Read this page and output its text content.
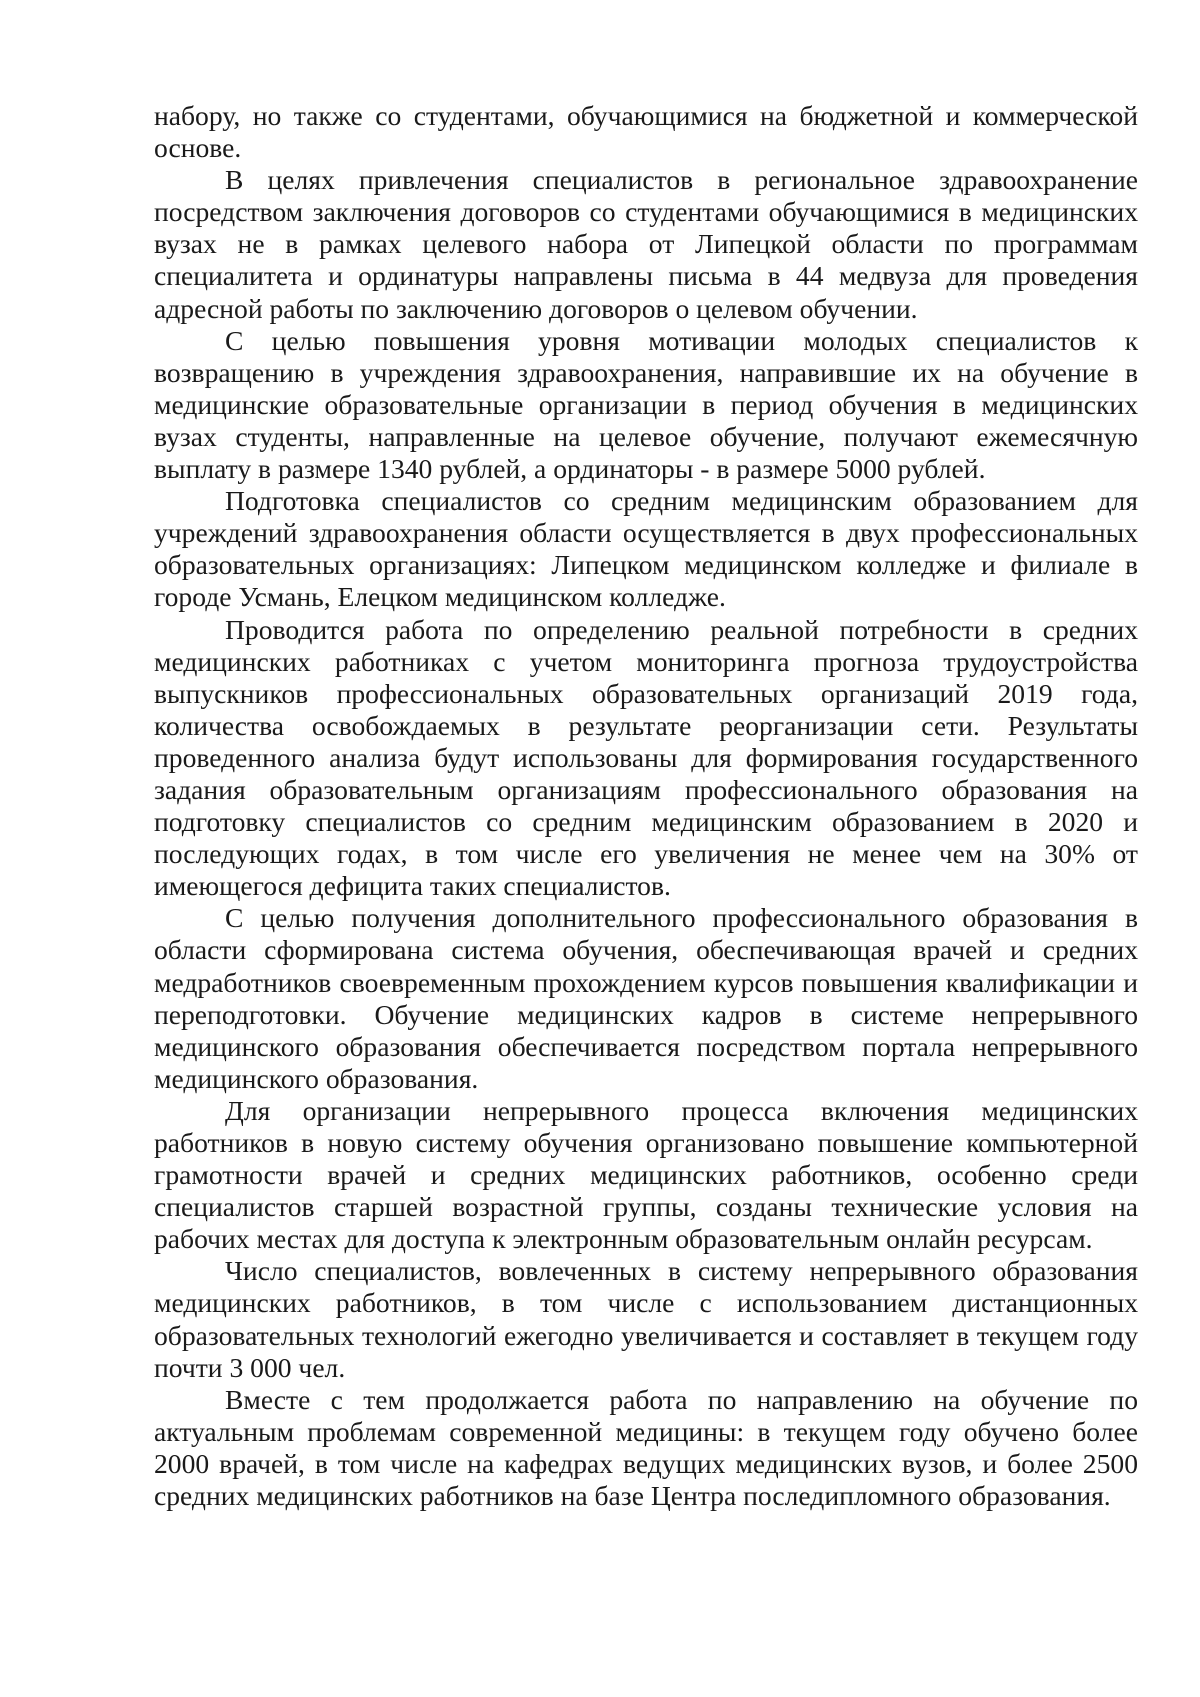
набору, но также со студентами, обучающимися на бюджетной и коммерческой основе.

В целях привлечения специалистов в региональное здравоохранение посредством заключения договоров со студентами обучающимися в медицинских вузах не в рамках целевого набора от Липецкой области по программам специалитета и ординатуры направлены письма в 44 медвуза для проведения адресной работы по заключению договоров о целевом обучении.

С целью повышения уровня мотивации молодых специалистов к возвращению в учреждения здравоохранения, направившие их на обучение в медицинские образовательные организации в период обучения в медицинских вузах студенты, направленные на целевое обучение, получают ежемесячную выплату в размере 1340 рублей, а ординаторы - в размере 5000 рублей.

Подготовка специалистов со средним медицинским образованием для учреждений здравоохранения области осуществляется в двух профессиональных образовательных организациях: Липецком медицинском колледже и филиале в городе Усмань, Елецком медицинском колледже.

Проводится работа по определению реальной потребности в средних медицинских работниках с учетом мониторинга прогноза трудоустройства выпускников профессиональных образовательных организаций 2019 года, количества освобождаемых в результате реорганизации сети. Результаты проведенного анализа будут использованы для формирования государственного задания образовательным организациям профессионального образования на подготовку специалистов со средним медицинским образованием в 2020 и последующих годах, в том числе его увеличения не менее чем на 30% от имеющегося дефицита таких специалистов.

С целью получения дополнительного профессионального образования в области сформирована система обучения, обеспечивающая врачей и средних медработников своевременным прохождением курсов повышения квалификации и переподготовки. Обучение медицинских кадров в системе непрерывного медицинского образования обеспечивается посредством портала непрерывного медицинского образования.

Для организации непрерывного процесса включения медицинских работников в новую систему обучения организовано повышение компьютерной грамотности врачей и средних медицинских работников, особенно среди специалистов старшей возрастной группы, созданы технические условия на рабочих местах для доступа к электронным образовательным онлайн ресурсам.

Число специалистов, вовлеченных в систему непрерывного образования медицинских работников, в том числе с использованием дистанционных образовательных технологий ежегодно увеличивается и составляет в текущем году почти 3 000 чел.

Вместе с тем продолжается работа по направлению на обучение по актуальным проблемам современной медицины: в текущем году обучено более 2000 врачей, в том числе на кафедрах ведущих медицинских вузов, и более 2500 средних медицинских работников на базе Центра последипломного образования.
